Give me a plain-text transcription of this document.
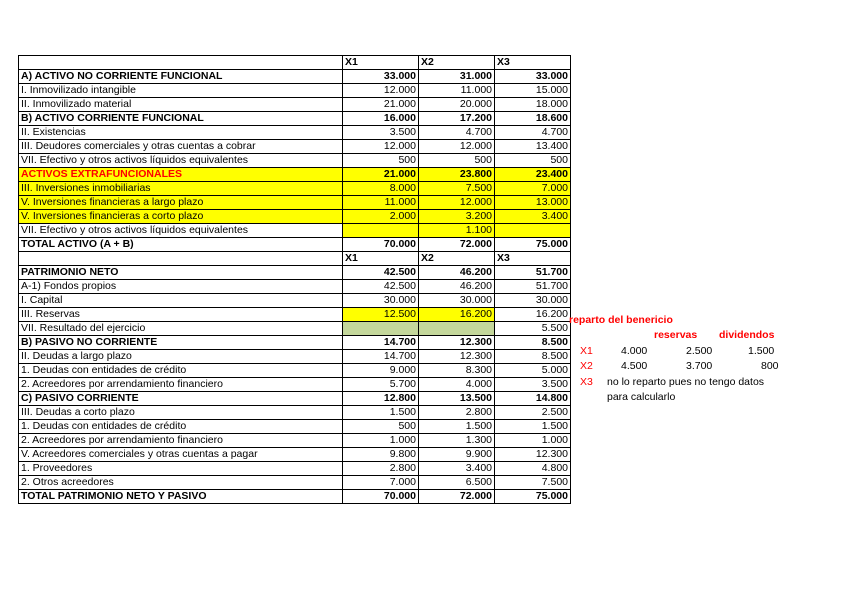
	X1	X2	X3
A) ACTIVO NO CORRIENTE FUNCIONAL	33.000	31.000	33.000
I. Inmovilizado intangible	12.000	11.000	15.000
II. Inmovilizado material	21.000	20.000	18.000
B) ACTIVO CORRIENTE FUNCIONAL	16.000	17.200	18.600
II. Existencias	3.500	4.700	4.700
III. Deudores comerciales y otras cuentas a cobrar	12.000	12.000	13.400
VII. Efectivo y otros activos líquidos equivalentes	500	500	500
ACTIVOS EXTRAFUNCIONALES	21.000	23.800	23.400
III. Inversiones inmobiliarias	8.000	7.500	7.000
V. Inversiones financieras a largo plazo	11.000	12.000	13.000
V. Inversiones financieras a corto plazo	2.000	3.200	3.400
VII. Efectivo y otros activos líquidos equivalentes		1.100	
TOTAL ACTIVO (A + B)	70.000	72.000	75.000
	X1	X2	X3
PATRIMONIO NETO	42.500	46.200	51.700
A-1) Fondos propios	42.500	46.200	51.700
I. Capital	30.000	30.000	30.000
III. Reservas	12.500	16.200	16.200
VII. Resultado del ejercicio			5.500
B) PASIVO NO CORRIENTE	14.700	12.300	8.500
II. Deudas a largo plazo	14.700	12.300	8.500
1. Deudas con entidades de crédito	9.000	8.300	5.000
2. Acreedores por arrendamiento financiero	5.700	4.000	3.500
C) PASIVO CORRIENTE	12.800	13.500	14.800
III. Deudas a corto plazo	1.500	2.800	2.500
1. Deudas con entidades de crédito	500	1.500	1.500
2. Acreedores por arrendamiento financiero	1.000	1.300	1.000
V. Acreedores comerciales y otras cuentas a pagar	9.800	9.900	12.300
1. Proveedores	2.800	3.400	4.800
2. Otros acreedores	7.000	6.500	7.500
TOTAL PATRIMONIO NETO Y PASIVO	70.000	72.000	75.000
reparto del benericio
reservas dividendos
X1	4.000	2.500	1.500
X2	4.500	3.700	800
X3 no lo reparto pues no tengo datos
para calcularlo
